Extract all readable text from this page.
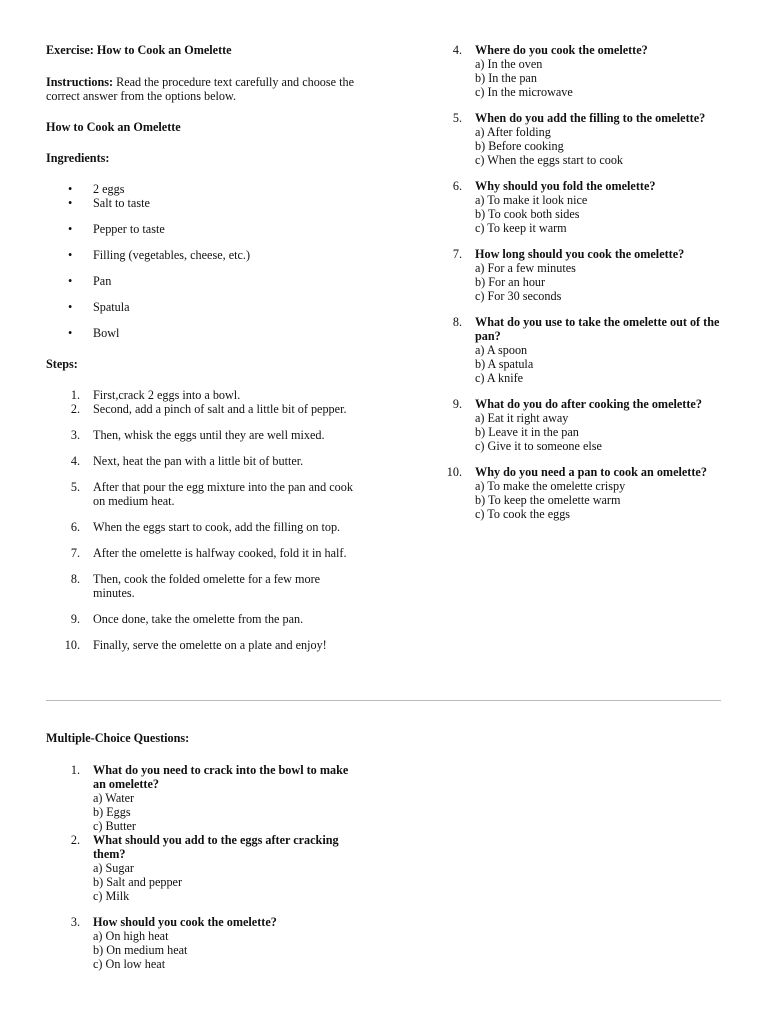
Exercise: How to Cook an Omelette

Instructions: Read the procedure text carefully and choose the correct answer from the options below.

How to Cook an Omelette

Ingredients:

• 2 eggs
• Salt to taste
• Pepper to taste
• Filling (vegetables, cheese, etc.)
• Pan
• Spatula
• Bowl

Steps:

1. First,crack 2 eggs into a bowl.
2. Second, add a pinch of salt and a little bit of pepper.
3. Then, whisk the eggs until they are well mixed.
4. Next, heat the pan with a little bit of butter.
5. After that pour the egg mixture into the pan and cook on medium heat.
6. When the eggs start to cook, add the filling on top.
7. After the omelette is halfway cooked, fold it in half.
8. Then, cook the folded omelette for a few more minutes.
9. Once done, take the omelette from the pan.
10. Finally, serve the omelette on a plate and enjoy!

Multiple-Choice Questions:

1. What do you need to crack into the bowl to make an omelette?
a) Water
b) Eggs
c) Butter
2. What should you add to the eggs after cracking them?
a) Sugar
b) Salt and pepper
c) Milk
3. How should you cook the omelette?
a) On high heat
b) On medium heat
c) On low heat
4. Where do you cook the omelette?
a) In the oven
b) In the pan
c) In the microwave
5. When do you add the filling to the omelette?
a) After folding
b) Before cooking
c) When the eggs start to cook
6. Why should you fold the omelette?
a) To make it look nice
b) To cook both sides
c) To keep it warm
7. How long should you cook the omelette?
a) For a few minutes
b) For an hour
c) For 30 seconds
8. What do you use to take the omelette out of the pan?
a) A spoon
b) A spatula
c) A knife
9. What do you do after cooking the omelette?
a) Eat it right away
b) Leave it in the pan
c) Give it to someone else
10. Why do you need a pan to cook an omelette?
a) To make the omelette crispy
b) To keep the omelette warm
c) To cook the eggs
